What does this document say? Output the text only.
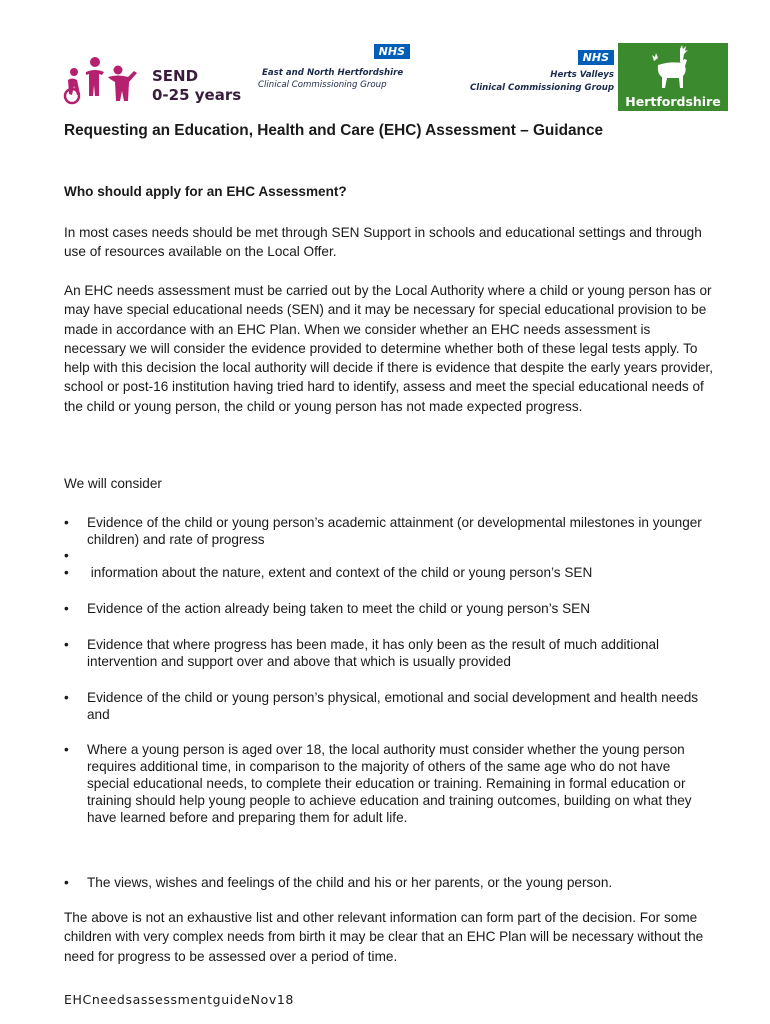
SEND
0-25 years
NHS
East and North Hertfordshire
Clinical Commissioning Group
NHS
Herts Valleys
Clinical Commissioning Group
Hertfordshire
Requesting an Education, Health and Care (EHC) Assessment – Guidance
Who should apply for an EHC Assessment?

In most cases needs should be met through SEN Support in schools and educational settings and through use of resources available on the Local Offer.

An EHC needs assessment must be carried out by the Local Authority where a child or young person has or may have special educational needs (SEN) and it may be necessary for special educational provision to be made in accordance with an EHC Plan. When we consider whether an EHC needs assessment is necessary we will consider the evidence provided to determine whether both of these legal tests apply. To help with this decision the local authority will decide if there is evidence that despite the early years provider, school or post-16 institution having tried hard to identify, assess and meet the special educational needs of the child or young person, the child or young person has not made expected progress.

We will consider

• Evidence of the child or young person’s academic attainment (or developmental milestones in younger children) and rate of progress
•
• information about the nature, extent and context of the child or young person’s SEN
• Evidence of the action already being taken to meet the child or young person’s SEN
• Evidence that where progress has been made, it has only been as the result of much additional intervention and support over and above that which is usually provided
• Evidence of the child or young person’s physical, emotional and social development and health needs and
• Where a young person is aged over 18, the local authority must consider whether the young person requires additional time, in comparison to the majority of others of the same age who do not have special educational needs, to complete their education or training. Remaining in formal education or training should help young people to achieve education and training outcomes, building on what they have learned before and preparing them for adult life.
• The views, wishes and feelings of the child and his or her parents, or the young person.

The above is not an exhaustive list and other relevant information can form part of the decision. For some children with very complex needs from birth it may be clear that an EHC Plan will be necessary without the need for progress to be assessed over a period of time.

EHCneedsassessmentguideNov18
